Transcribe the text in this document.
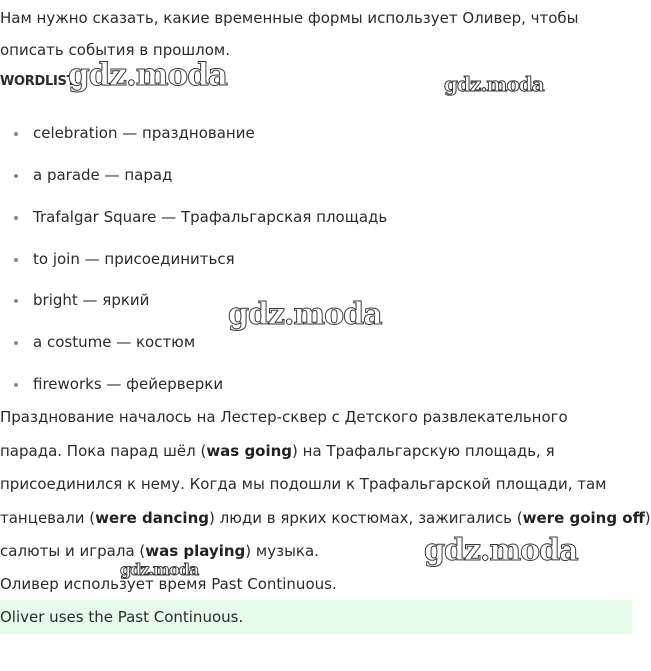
Нам нужно сказать, какие временные формы использует Оливер, чтобы

описать события в прошлом.

WORDLIST
celebration — празднование
a parade — парад
Trafalgar Square — Трафальгарская площадь
to join — присоединиться
bright — яркий
a costume — костюм
fireworks — фейерверки

Празднование началось на Лестер-сквер с Детского развлекательного

парада. Пока парад шёл (was going) на Трафальгарскую площадь, я

присоединился к нему. Когда мы подошли к Трафальгарской площади, там

танцевали (were dancing) люди в ярких костюмах, зажигались (were going off)

салюты и играла (was playing) музыка.

Оливер использует время Past Continuous.

Oliver uses the Past Continuous.
gdz.moda	gdz.moda
gdz.moda
gdz.moda
gdz.moda
